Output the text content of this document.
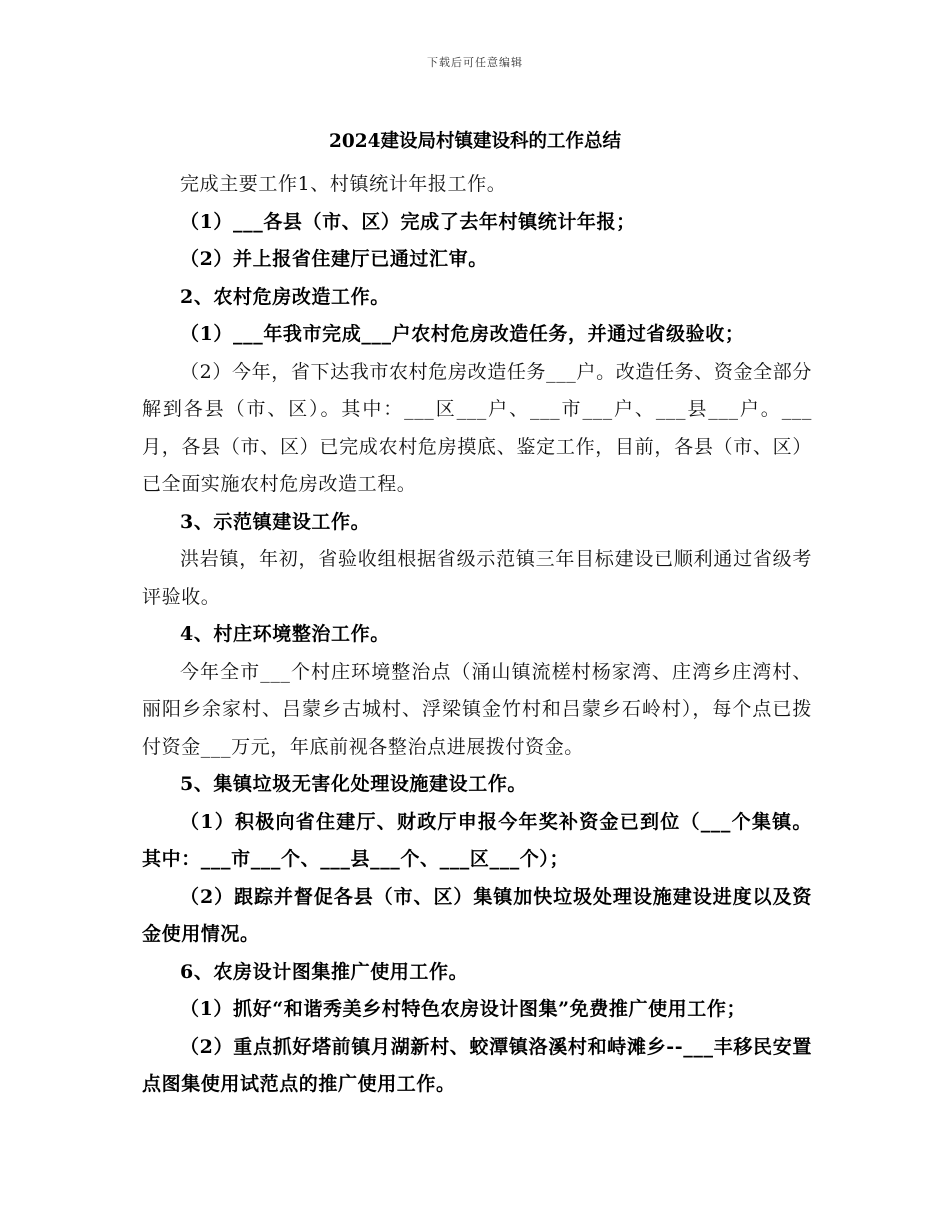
下载后可任意编辑
2024建设局村镇建设科的工作总结

完成主要工作1、村镇统计年报工作。

（1）___各县（市、区）完成了去年村镇统计年报；

（2）并上报省住建厅已通过汇审。

2、农村危房改造工作。

（1）___年我市完成___户农村危房改造任务，并通过省级验收；

（2）今年，省下达我市农村危房改造任务___户。改造任务、资金全部分解到各县（市、区）。其中：___区___户、___市___户、___县___户。___月，各县（市、区）已完成农村危房摸底、鉴定工作，目前，各县（市、区）已全面实施农村危房改造工程。

3、示范镇建设工作。

洪岩镇，年初，省验收组根据省级示范镇三年目标建设已顺利通过省级考评验收。

4、村庄环境整治工作。

今年全市___个村庄环境整治点（涌山镇流槎村杨家湾、庄湾乡庄湾村、丽阳乡余家村、吕蒙乡古城村、浮梁镇金竹村和吕蒙乡石岭村），每个点已拨付资金___万元，年底前视各整治点进展拨付资金。

5、集镇垃圾无害化处理设施建设工作。

（1）积极向省住建厅、财政厅申报今年奖补资金已到位（___个集镇。其中：___市___个、___县___个、___区___个）；

（2）跟踪并督促各县（市、区）集镇加快垃圾处理设施建设进度以及资金使用情况。

6、农房设计图集推广使用工作。

（1）抓好“和谐秀美乡村特色农房设计图集”免费推广使用工作；

（2）重点抓好塔前镇月湖新村、蛟潭镇洛溪村和峙滩乡--___丰移民安置点图集使用试范点的推广使用工作。
